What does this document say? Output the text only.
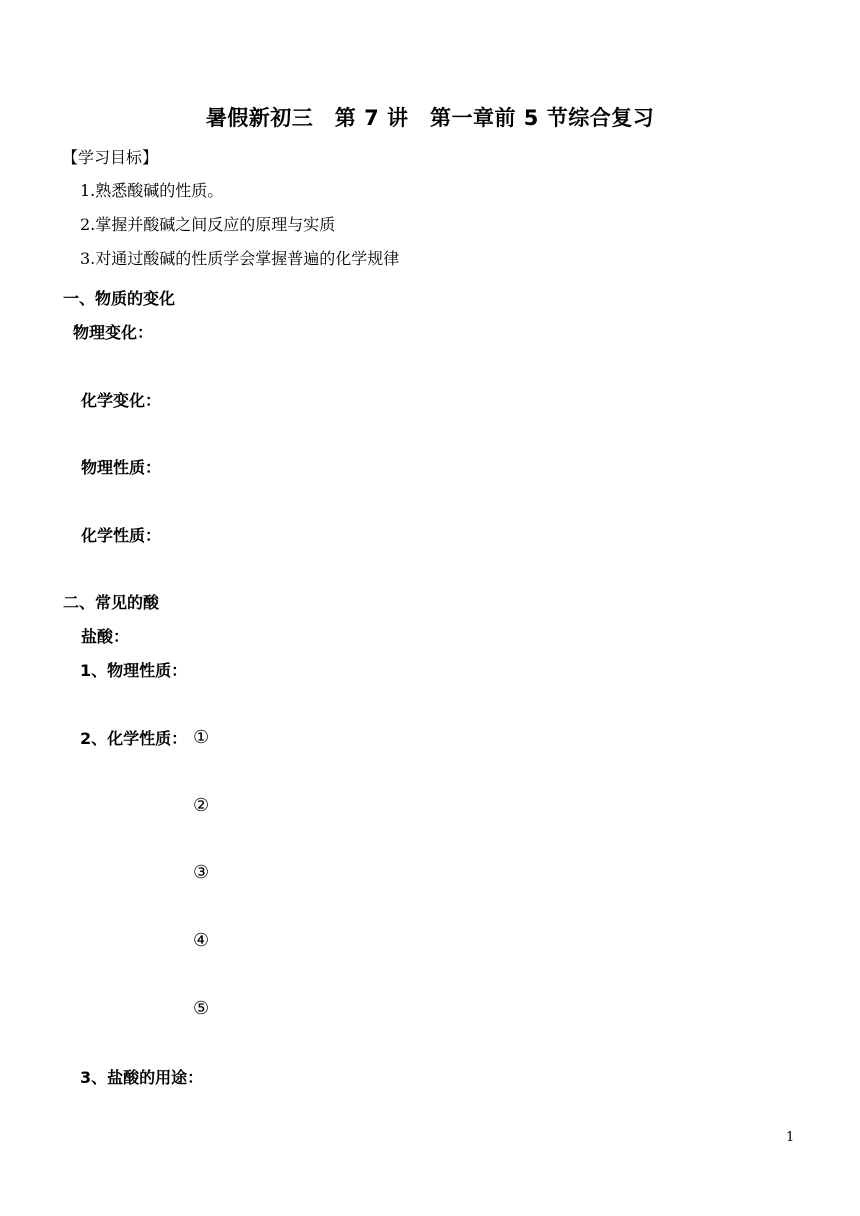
暑假新初三　第 7 讲　第一章前 5 节综合复习
【学习目标】
1.熟悉酸碱的性质。
2.掌握并酸碱之间反应的原理与实质
3.对通过酸碱的性质学会掌握普遍的化学规律
一、物质的变化
物理变化：
化学变化：
物理性质：
化学性质：
二、常见的酸
盐酸：
1、物理性质：
2、化学性质： ①
②
③
④
⑤
3、盐酸的用途：
1
